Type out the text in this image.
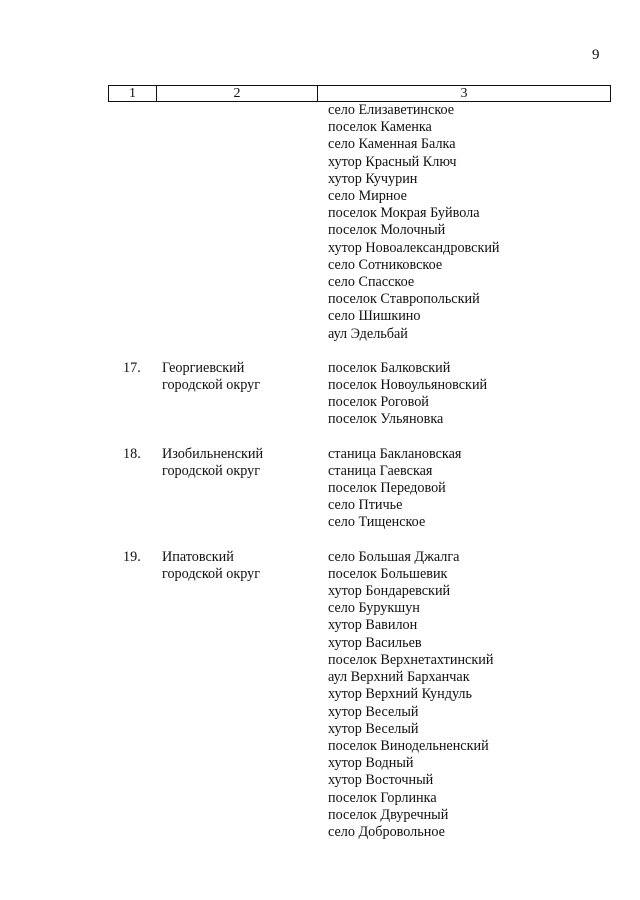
9
1	2	3
село Елизаветинское
поселок Каменка
село Каменная Балка
хутор Красный Ключ
хутор Кучурин
село Мирное
поселок Мокрая Буйвола
поселок Молочный
хутор Новоалександровский
село Сотниковское
село Спасское
поселок Ставропольский
село Шишкино
аул Эдельбай
17. Георгиевский
городской округ
поселок Балковский
поселок Новоульяновский
поселок Роговой
поселок Ульяновка
18. Изобильненский
городской округ
станица Баклановская
станица Гаевская
поселок Передовой
село Птичье
село Тищенское
19. Ипатовский
городской округ
село Большая Джалга
поселок Большевик
хутор Бондаревский
село Бурукшун
хутор Вавилон
хутор Васильев
поселок Верхнетахтинский
аул Верхний Барханчак
хутор Верхний Кундуль
хутор Веселый
хутор Веселый
поселок Винодельненский
хутор Водный
хутор Восточный
поселок Горлинка
поселок Двуречный
село Добровольное
